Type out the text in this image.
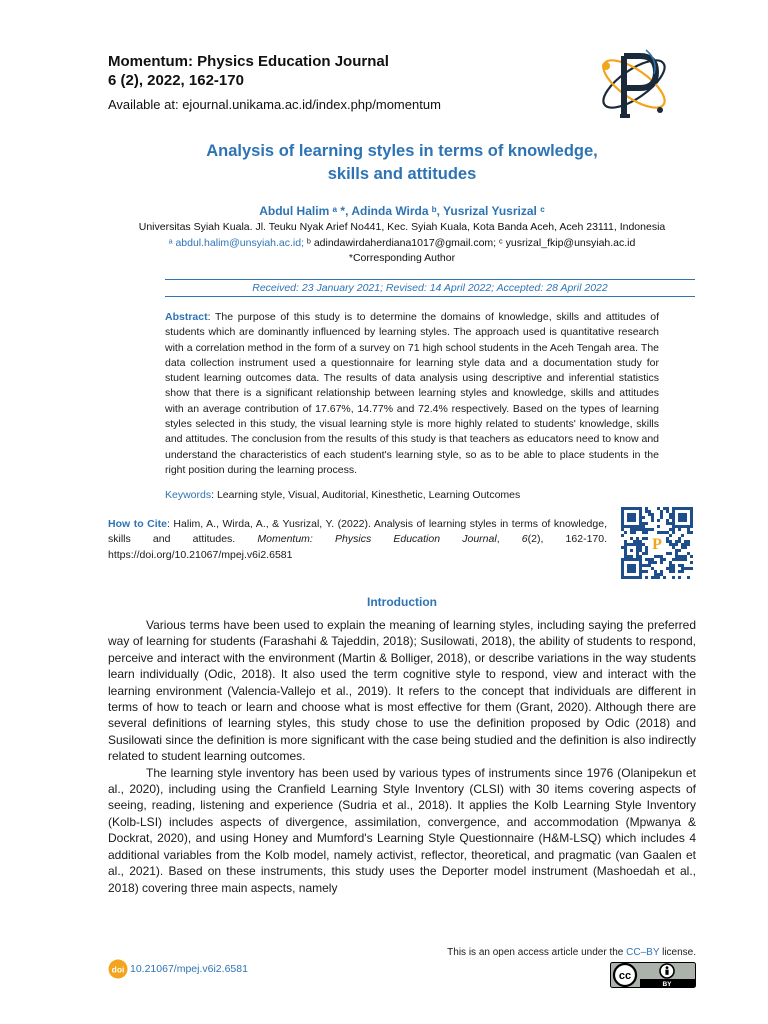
Momentum: Physics Education Journal
6 (2), 2022, 162-170
Available at: ejournal.unikama.ac.id/index.php/momentum
Analysis of learning styles in terms of knowledge,
skills and attitudes
Abdul Halim ᵃ *, Adinda Wirda ᵇ, Yusrizal Yusrizal ᶜ
Universitas Syiah Kuala. Jl. Teuku Nyak Arief No441, Kec. Syiah Kuala, Kota Banda Aceh, Aceh 23111, Indonesia
ᵃ abdul.halim@unsyiah.ac.id; ᵇ adindawirdaherdiana1017@gmail.com; ᶜ yusrizal_fkip@unsyiah.ac.id
*Corresponding Author
Received: 23 January 2021; Revised: 14 April 2022; Accepted: 28 April 2022
Abstract: The purpose of this study is to determine the domains of knowledge, skills and attitudes of students which are dominantly influenced by learning styles. The approach used is quantitative research with a correlation method in the form of a survey on 71 high school students in the Aceh Tengah area. The data collection instrument used a questionnaire for learning style data and a documentation study for student learning outcomes data. The results of data analysis using descriptive and inferential statistics show that there is a significant relationship between learning styles and knowledge, skills and attitudes with an average contribution of 17.67%, 14.77% and 72.4% respectively. Based on the types of learning styles selected in this study, the visual learning style is more highly related to students' knowledge, skills and attitudes. The conclusion from the results of this study is that teachers as educators need to know and understand the characteristics of each student's learning style, so as to be able to place students in the right position during the learning process.
Keywords: Learning style, Visual, Auditorial, Kinesthetic, Learning Outcomes
How to Cite: Halim, A., Wirda, A., & Yusrizal, Y. (2022). Analysis of learning styles in terms of knowledge, skills and attitudes. Momentum: Physics Education Journal, 6(2), 162-170. https://doi.org/10.21067/mpej.v6i2.6581
P
Introduction

Various terms have been used to explain the meaning of learning styles, including saying the preferred way of learning for students (Farashahi & Tajeddin, 2018); Susilowati, 2018), the ability of students to respond, perceive and interact with the environment (Martin & Bolliger, 2018), or describe variations in the way students learn individually (Odic, 2018). It also used the term cognitive style to respond, view and interact with the learning environment (Valencia-Vallejo et al., 2019). It refers to the concept that individuals are different in terms of how to teach or learn and choose what is most effective for them (Grant, 2020). Although there are several definitions of learning styles, this study chose to use the definition proposed by Odic (2018) and Susilowati since the definition is more significant with the case being studied and the definition is also indirectly related to student learning outcomes.

The learning style inventory has been used by various types of instruments since 1976 (Olanipekun et al., 2020), including using the Cranfield Learning Style Inventory (CLSI) with 30 items covering aspects of seeing, reading, listening and experience (Sudria et al., 2018). It applies the Kolb Learning Style Inventory (Kolb-LSI) includes aspects of divergence, assimilation, convergence, and accommodation (Mpwanya & Dockrat, 2020), and using Honey and Mumford's Learning Style Questionnaire (H&M-LSQ) which includes 4 additional variables from the Kolb model, namely activist, reflector, theoretical, and pragmatic (van Gaalen et al., 2021). Based on these instruments, this study uses the Deporter model instrument (Mashoedah et al., 2018) covering three main aspects, namely

This is an open access article under the CC–BY license.
doi 10.21067/mpej.v6i2.6581
cc
BY
